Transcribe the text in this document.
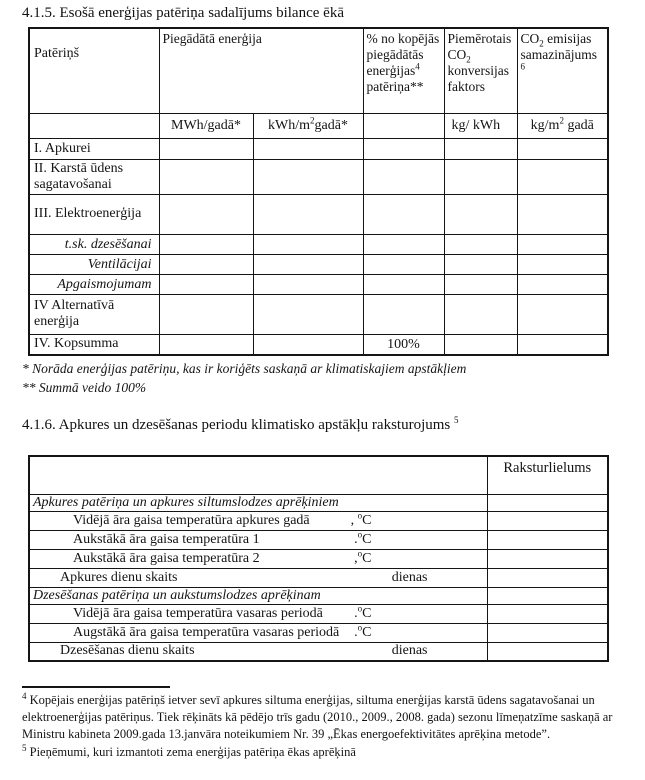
4.1.5. Esošā enerģijas patēriņa sadalījums bilance ēkā
Patēriņš	Piegādātā enerģija		% no kopējās piegādātās enerģijas$^4$ patēriņa**	Piemērotais $CO_2$ konversijas faktors	$CO_2$ emisijas samazinājums $^6$
	MWh/gadā*	kWh/$m^2gadā*$		kg/ kWh	$kg/m^2$ gadā
I. Apkurei					
II. Karstā ūdens sagatavošanai					
III. Elektroenerģija					
t.sk. dzesēšanai					
Ventilācijai					
Apgaismojumam					
IV Alternatīvā enerģija					
IV. Kopsumma			100%		
* Norāda enerģijas patēriņu, kas ir koriģēts saskaņā ar klimatiskajiem apstākļiem
** Summā veido 100%
4.1.6. Apkures un dzesēšanas periodu klimatisko apstākļu raksturojums $^5$
	Raksturlielums
Apkures patēriņa un apkures siltumslodzes aprēķiniem	

Vidējā āra gaisa temperatūra apkures gadā , $^o$C	

Aukstākā āra gaisa temperatūra 1 .$^o$C	

Aukstākā āra gaisa temperatūra 2 ,$^o$C	

Apkures dienu skaits dienas	

Dzesēšanas patēriņa un aukstumslodzes aprēķinam	

Vidējā āra gaisa temperatūra vasaras periodā .$^o$C	

Augstākā āra gaisa temperatūra vasaras periodā .$^o$C	

Dzesēšanas dienu skaits dienas	

$^4$ Kopējais enerģijas patēriņš ietver sevī apkures siltuma enerģijas, siltuma enerģijas karstā ūdens sagatavošanai un elektroenerģijas patēriņus. Tiek rēķināts kā pēdējo trīs gadu (2010., 2009., 2008. gada) sezonu līmeņatzīme saskaņā ar Ministru kabineta 2009.gada 13.janvāra noteikumiem Nr. 39 „Ēkas energoefektivitātes aprēķina metode”.
$^5$ Pieņēmumi, kuri izmantoti zema enerģijas patēriņa ēkas aprēķinā
